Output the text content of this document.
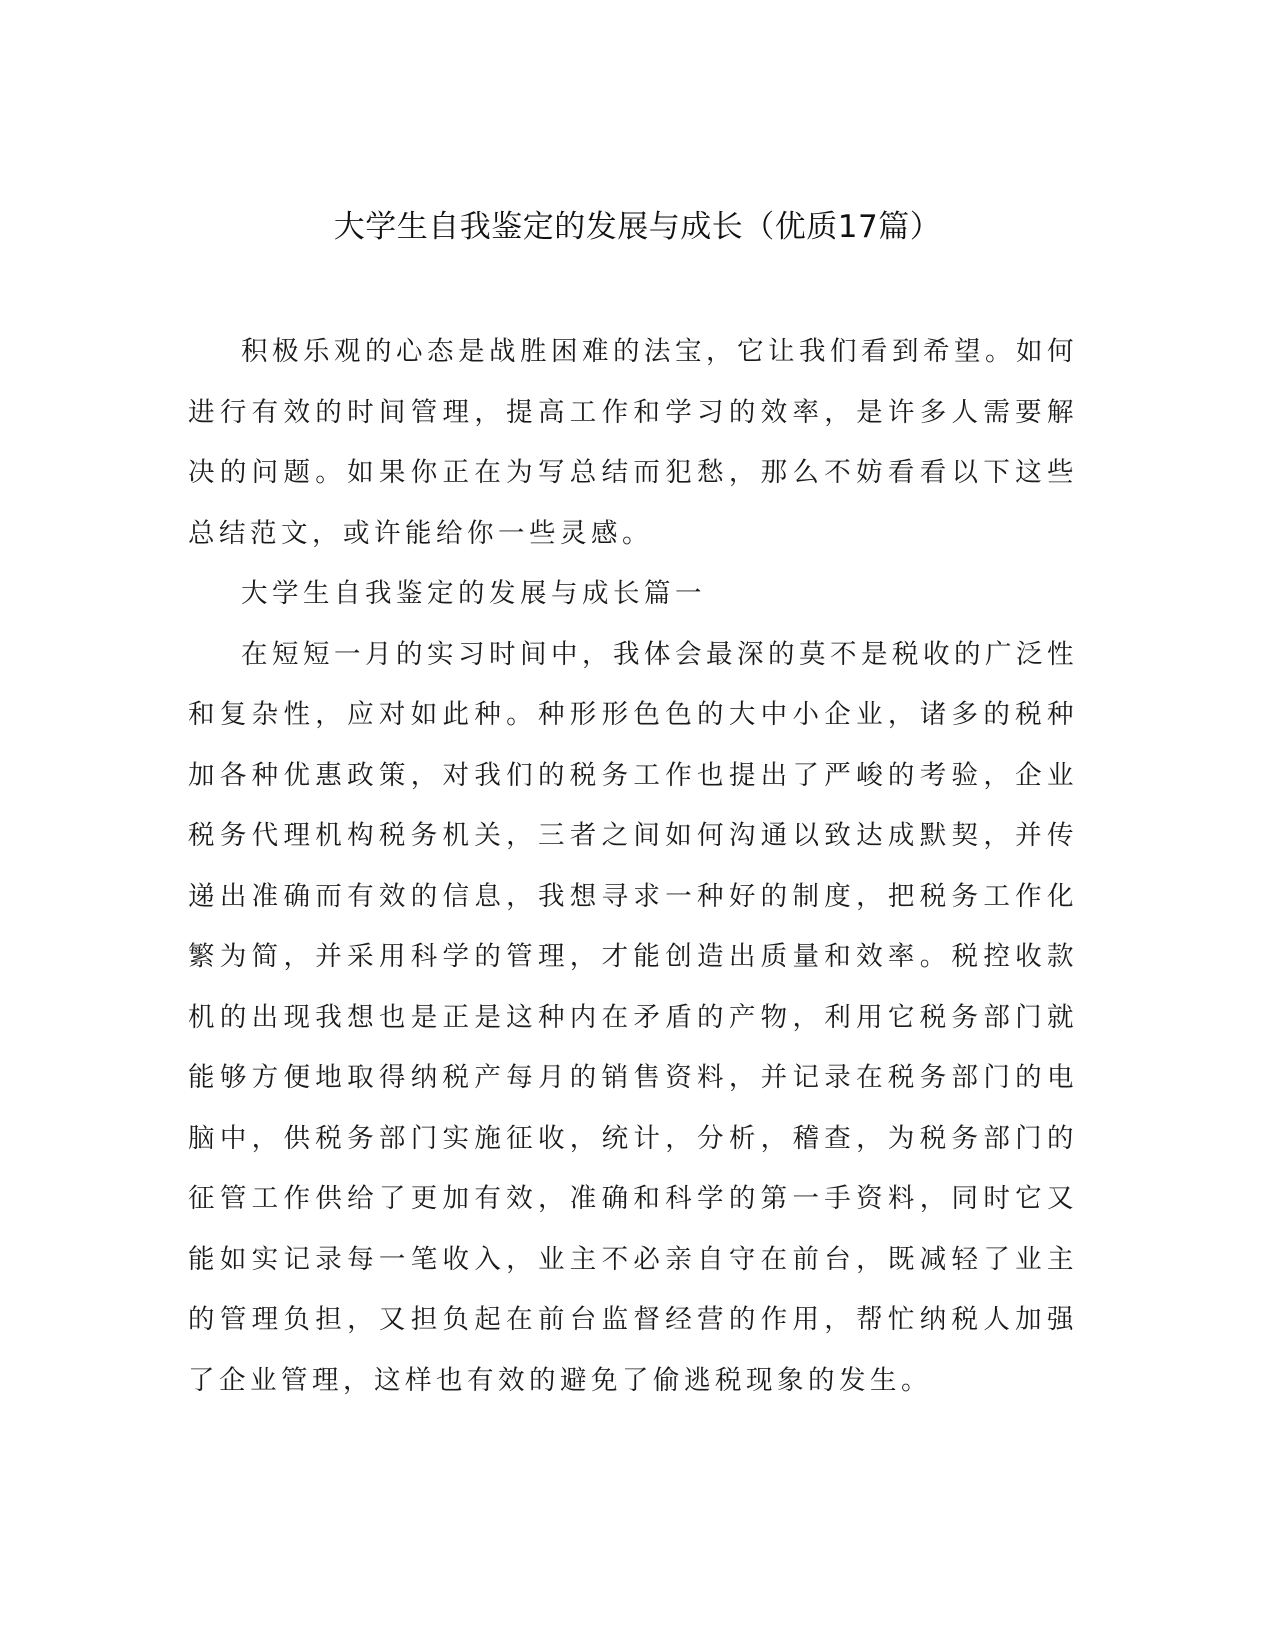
大学生自我鉴定的发展与成长（优质17篇）

积极乐观的心态是战胜困难的法宝，它让我们看到希望。如何进行有效的时间管理，提高工作和学习的效率，是许多人需要解决的问题。如果你正在为写总结而犯愁，那么不妨看看以下这些总结范文，或许能给你一些灵感。

大学生自我鉴定的发展与成长篇一

在短短一月的实习时间中，我体会最深的莫不是税收的广泛性和复杂性，应对如此种。种形形色色的大中小企业，诸多的税种加各种优惠政策，对我们的税务工作也提出了严峻的考验，企业税务代理机构税务机关，三者之间如何沟通以致达成默契，并传递出准确而有效的信息，我想寻求一种好的制度，把税务工作化繁为简，并采用科学的管理，才能创造出质量和效率。税控收款机的出现我想也是正是这种内在矛盾的产物，利用它税务部门就能够方便地取得纳税产每月的销售资料，并记录在税务部门的电脑中，供税务部门实施征收，统计，分析，稽查，为税务部门的征管工作供给了更加有效，准确和科学的第一手资料，同时它又能如实记录每一笔收入，业主不必亲自守在前台，既减轻了业主的管理负担，又担负起在前台监督经营的作用，帮忙纳税人加强了企业管理，这样也有效的避免了偷逃税现象的发生。
